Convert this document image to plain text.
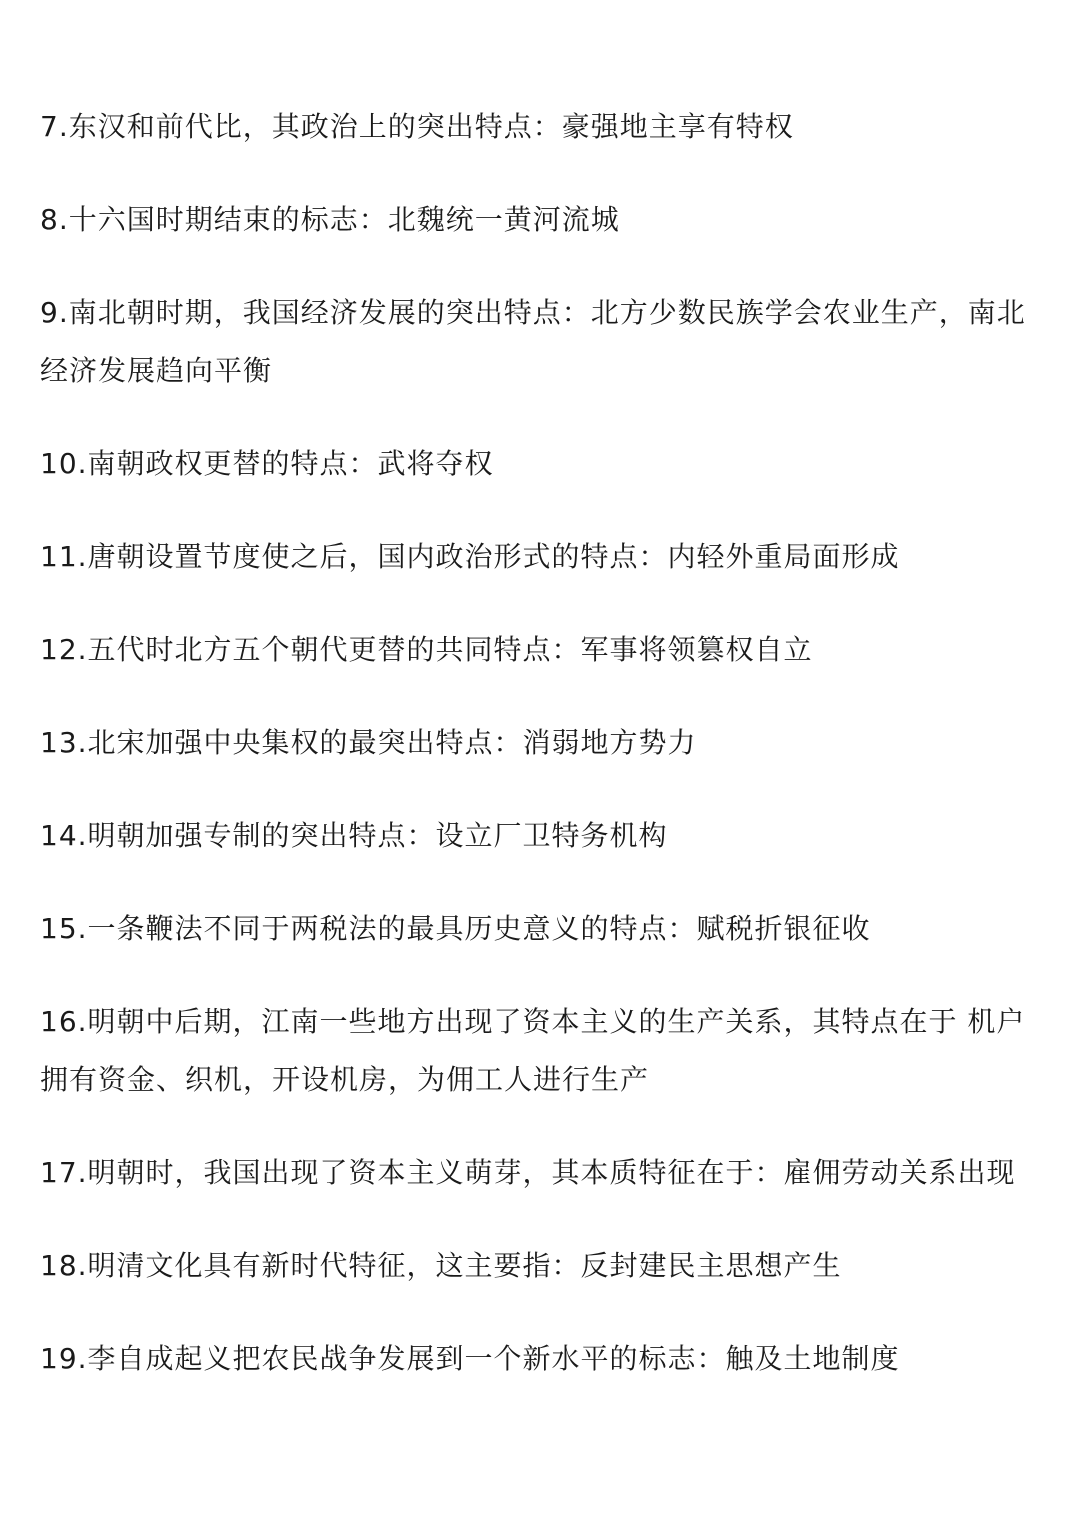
7.东汉和前代比，其政治上的突出特点：豪强地主享有特权

8.十六国时期结束的标志：北魏统一黄河流城

9.南北朝时期，我国经济发展的突出特点：北方少数民族学会农业生产，南北经济发展趋向平衡

10.南朝政权更替的特点：武将夺权

11.唐朝设置节度使之后，国内政治形式的特点：内轻外重局面形成

12.五代时北方五个朝代更替的共同特点：军事将领篡权自立

13.北宋加强中央集权的最突出特点：消弱地方势力

14.明朝加强专制的突出特点：设立厂卫特务机构

15.一条鞭法不同于两税法的最具历史意义的特点：赋税折银征收

16.明朝中后期，江南一些地方出现了资本主义的生产关系，其特点在于 机户拥有资金、织机，开设机房，为佣工人进行生产

17.明朝时，我国出现了资本主义萌芽，其本质特征在于：雇佣劳动关系出现

18.明清文化具有新时代特征，这主要指：反封建民主思想产生

19.李自成起义把农民战争发展到一个新水平的标志：触及土地制度
